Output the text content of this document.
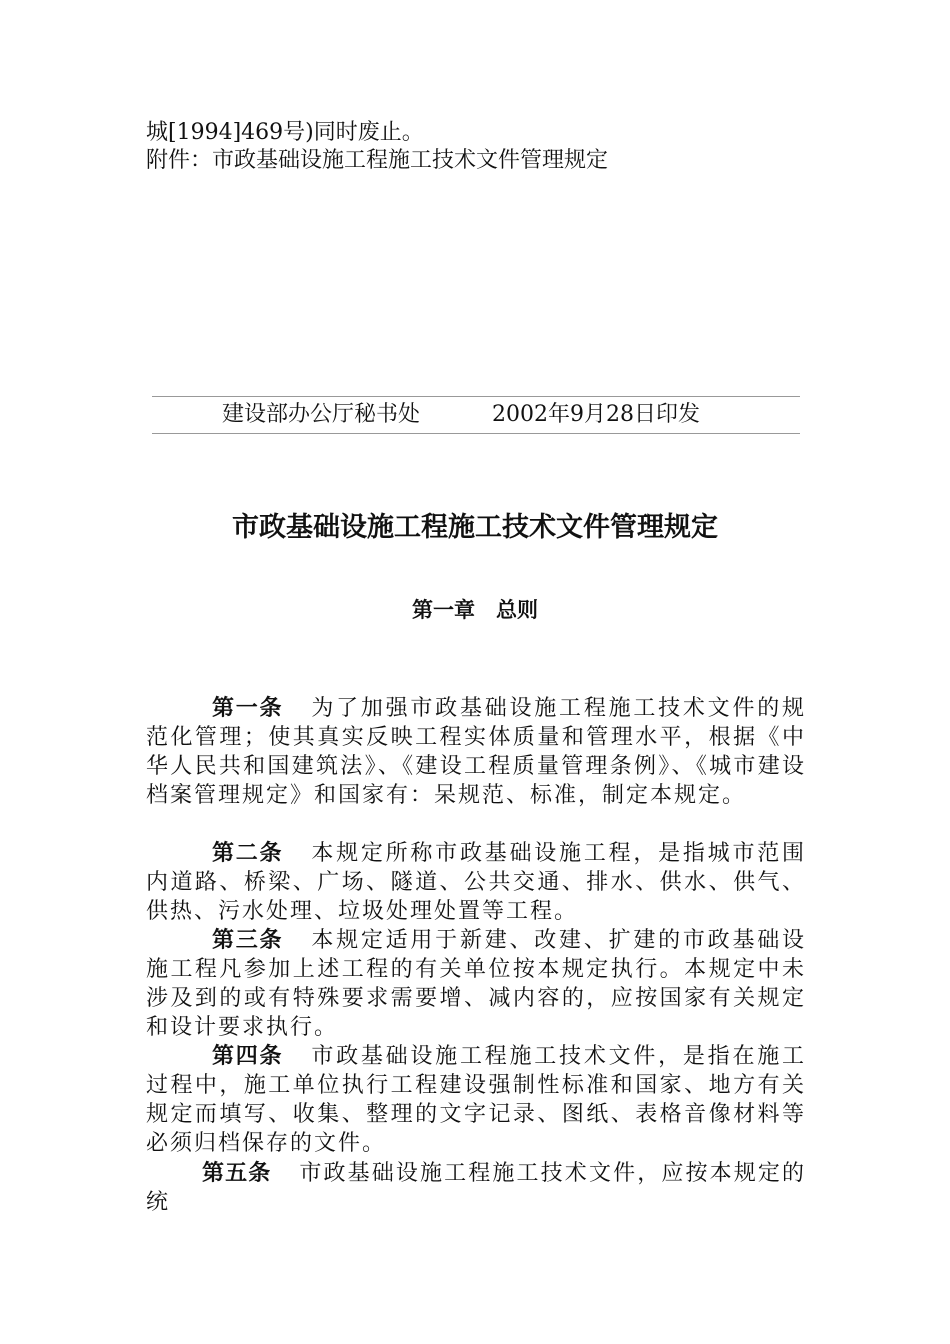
城[1994]469号)同时废止。

附件：市政基础设施工程施工技术文件管理规定

建设部办公厅秘书处	2002年9月28日印发
市政基础设施工程施工技术文件管理规定
第一章　总则

第一条 为了加强市政基础设施工程施工技术文件的规范化管理；使其真实反映工程实体质量和管理水平，根据《中华人民共和国建筑法》、《建设工程质量管理条例》、《城市建设档案管理规定》和国家有：呆规范、标准，制定本规定。

第二条 本规定所称市政基础设施工程，是指城市范围内道路、桥梁、广场、隧道、公共交通、排水、供水、供气、供热、污水处理、垃圾处理处置等工程。

第三条 本规定适用于新建、改建、扩建的市政基础设施工程凡参加上述工程的有关单位按本规定执行。本规定中未涉及到的或有特殊要求需要增、减内容的，应按国家有关规定和设计要求执行。

第四条 市政基础设施工程施工技术文件，是指在施工过程中，施工单位执行工程建设强制性标准和国家、地方有关规定而填写、收集、整理的文字记录、图纸、表格音像材料等必须归档保存的文件。

第五条 市政基础设施工程施工技术文件，应按本规定的统
